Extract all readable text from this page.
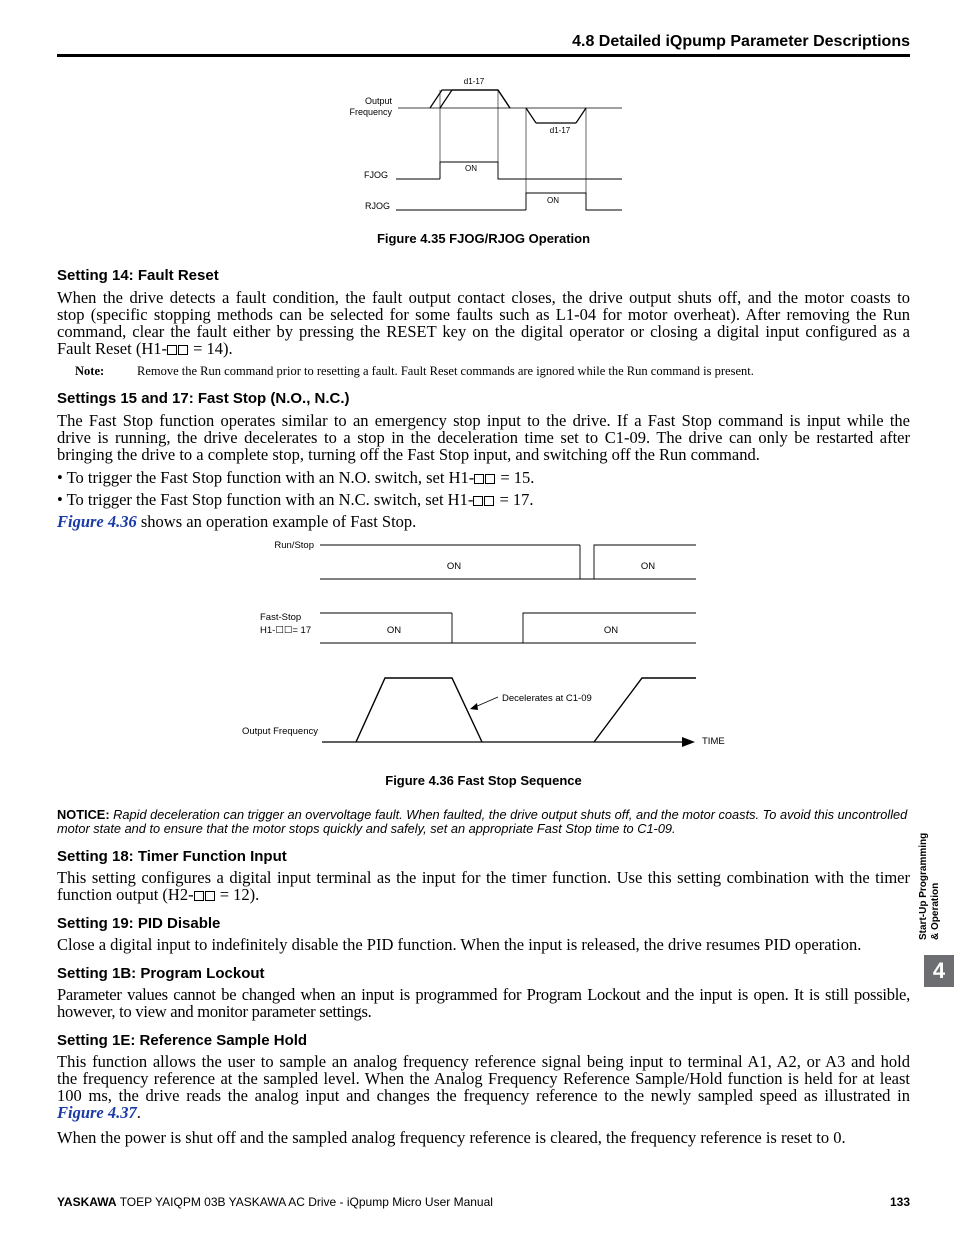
4.8 Detailed iQpump Parameter Descriptions
Output
Frequency
d1-17
d1-17
FJOG
ON
RJOG
ON
Figure 4.35 FJOG/RJOG Operation
Setting 14: Fault Reset
When the drive detects a fault condition, the fault output contact closes, the drive output shuts off, and the motor coasts to
stop (specific stopping methods can be selected for some faults such as L1-04 for motor overheat). After removing the Run
command, clear the fault either by pressing the RESET key on the digital operator or closing a digital input configured as a
Fault Reset (H1- = 14).
Note:	Remove the Run command prior to resetting a fault. Fault Reset commands are ignored while the Run command is present.
Settings 15 and 17: Fast Stop (N.O., N.C.)
The Fast Stop function operates similar to an emergency stop input to the drive. If a Fast Stop command is input while the
drive is running, the drive decelerates to a stop in the deceleration time set to C1-09. The drive can only be restarted after
bringing the drive to a complete stop, turning off the Fast Stop input, and switching off the Run command.
• To trigger the Fast Stop function with an N.O. switch, set H1- = 15.
• To trigger the Fast Stop function with an N.C. switch, set H1- = 17.
Figure 4.36 shows an operation example of Fast Stop.
Run/Stop
ON	ON
Fast-Stop
H1-☐☐= 17	ON	ON
Output Frequency
TIME
Decelerates at C1-09
Figure 4.36 Fast Stop Sequence
NOTICE: Rapid deceleration can trigger an overvoltage fault. When faulted, the drive output shuts off, and the motor coasts. To avoid this uncontrolled motor state and to ensure that the motor stops quickly and safely, set an appropriate Fast Stop time to C1-09.
Setting 18: Timer Function Input
This setting configures a digital input terminal as the input for the timer function. Use this setting combination with the timer
function output (H2- = 12).
Setting 19: PID Disable
Close a digital input to indefinitely disable the PID function. When the input is released, the drive resumes PID operation.
Setting 1B: Program Lockout
Parameter values cannot be changed when an input is programmed for Program Lockout and the input is open. It is still possible,
however, to view and monitor parameter settings.
Setting 1E: Reference Sample Hold
This function allows the user to sample an analog frequency reference signal being input to terminal A1, A2, or A3 and hold
the frequency reference at the sampled level. When the Analog Frequency Reference Sample/Hold function is held for at least
100 ms, the drive reads the analog input and changes the frequency reference to the newly sampled speed as illustrated in
Figure 4.37.
When the power is shut off and the sampled analog frequency reference is cleared, the frequency reference is reset to 0.
Start-Up Programming & Operation
4
YASKAWA TOEP YAIQPM 03B YASKAWA AC Drive - iQpump Micro User Manual	133
